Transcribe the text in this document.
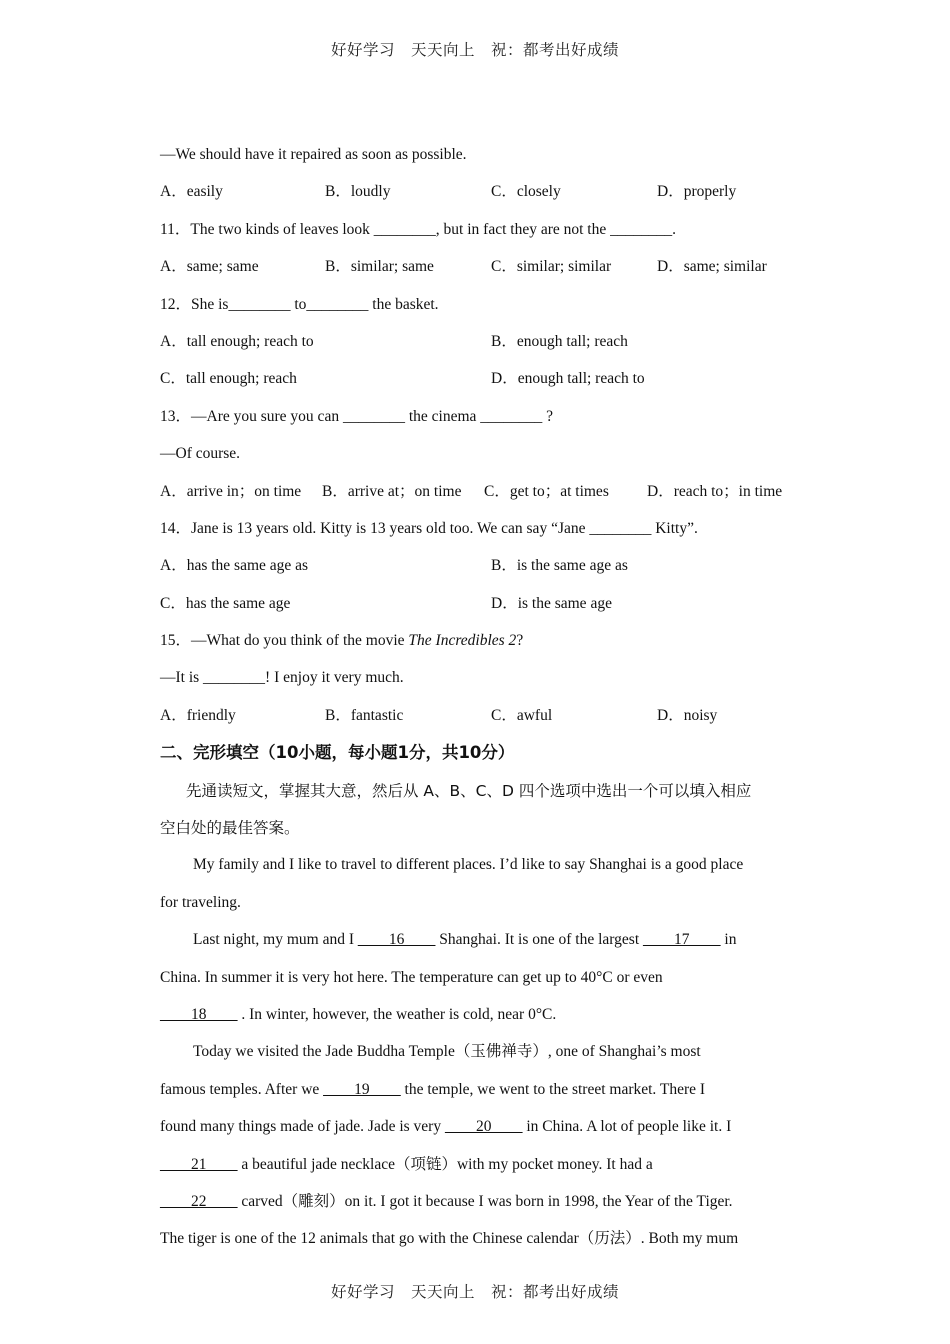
好好学习　天天向上　祝：都考出好成绩
—We should have it repaired as soon as possible.
A．easily	B．loudly	C．closely	D．properly
11．The two kinds of leaves look ________, but in fact they are not the ________.
A．same; same	B．similar; same	C．similar; similar	D．same; similar
12．She is________ to________ the basket.
A．tall enough; reach to	B．enough tall; reach
C．tall enough; reach	D．enough tall; reach to
13．—Are you sure you can ________ the cinema ________ ?
—Of course.
A．arrive in；on time B．arrive at；on time C．get to；at times D．reach to；in time
14．Jane is 13 years old. Kitty is 13 years old too. We can say “Jane ________ Kitty”.
A．has the same age as	B．is the same age as
C．has the same age	D．is the same age
15．—What do you think of the movie The Incredibles 2?
—It is ________! I enjoy it very much.
A．friendly	B．fantastic	C．awful	D．noisy
二、完形填空（10小题，每小题1分，共10分）
先通读短文，掌握其大意，然后从 A、B、C、D 四个选项中选出一个可以填入相应
空白处的最佳答案。
My family and I like to travel to different places. I’d like to say Shanghai is a good place
for traveling.
Last night, my mum and I ____16____ Shanghai. It is one of the largest ____17____ in
China. In summer it is very hot here. The temperature can get up to 40°C or even
____18____ . In winter, however, the weather is cold, near 0°C.
Today we visited the Jade Buddha Temple（玉佛禅寺）, one of Shanghai’s most
famous temples. After we ____19____ the temple, we went to the street market. There I
found many things made of jade. Jade is very ____20____ in China. A lot of people like it. I
____21____ a beautiful jade necklace（项链）with my pocket money. It had a
____22____ carved（雕刻）on it. I got it because I was born in 1998, the Year of the Tiger.
The tiger is one of the 12 animals that go with the Chinese calendar（历法）. Both my mum
好好学习　天天向上　祝：都考出好成绩
